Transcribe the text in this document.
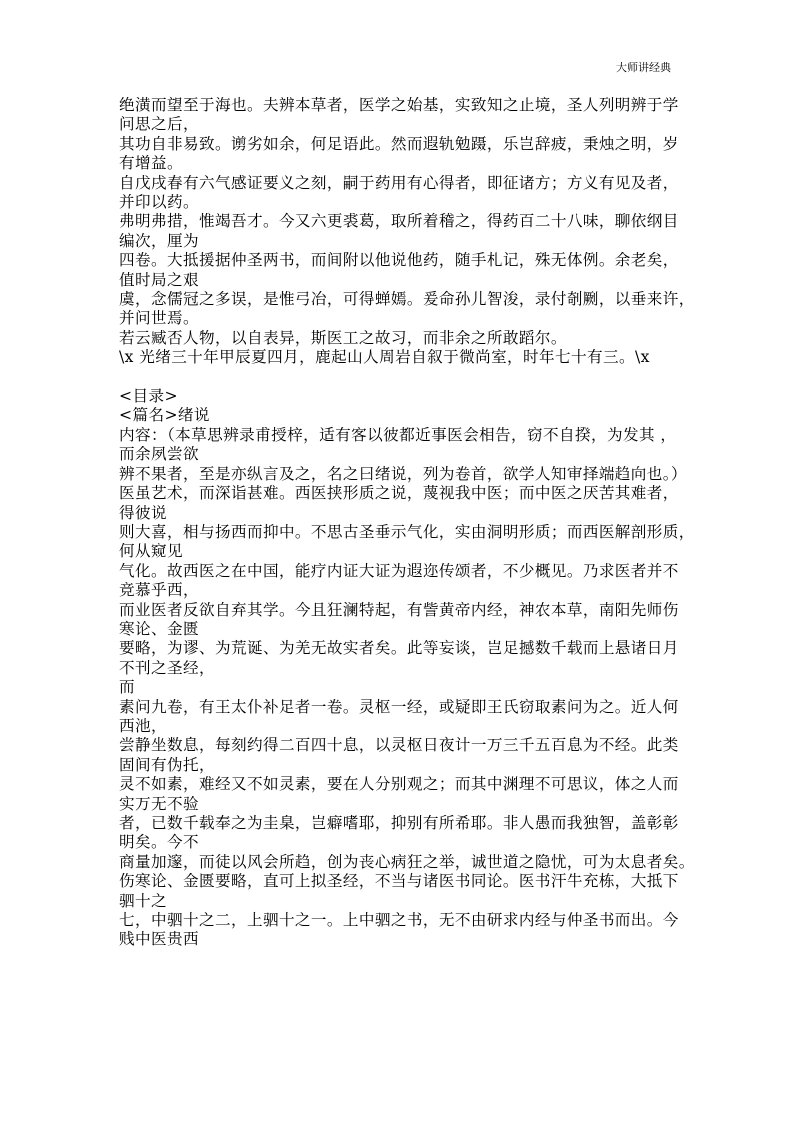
大师讲经典
绝潢而望至于海也。夫辨本草者，医学之始基，实致知之止境，圣人列明辨于学
问思之后，
其功自非易致。谫劣如余，何足语此。然而遐轨勉蹑，乐岂辞疲，秉烛之明，岁
有增益。
自戊戌春有六气感证要义之刻，嗣于药用有心得者，即征诸方；方义有见及者，
并印以药。
弗明弗措，惟竭吾才。今又六更裘葛，取所着稽之，得药百二十八味，聊依纲目
编次，厘为
四卷。大抵援据仲圣两书，而间附以他说他药，随手札记，殊无体例。余老矣，
值时局之艰
虞，念儒冠之多误，是惟弓冶，可得蝉嫣。爰命孙儿智浚，录付剞劂，以垂来许，
并问世焉。
若云臧否人物，以自表异，斯医工之故习，而非余之所敢蹈尔。
\x 光绪三十年甲辰夏四月，鹿起山人周岩自叙于微尚室，时年七十有三。\x
<目录>
<篇名>绪说
内容：（本草思辨录甫授梓，适有客以彼都近事医会相告，窃不自揆，为发其 ，
而余夙尝欲
辨不果者，至是亦纵言及之，名之曰绪说，列为卷首，欲学人知审择端趋向也。）
医虽艺术，而深诣甚难。西医挟形质之说，蔑视我中医；而中医之厌苦其难者，
得彼说
则大喜，相与扬西而抑中。不思古圣垂示气化，实由洞明形质；而西医解剖形质，
何从窥见
气化。故西医之在中国，能疗内证大证为遐迩传颂者，不少概见。乃求医者并不
竞慕乎西，
而业医者反欲自弃其学。今且狂澜特起，有訾黄帝内经，神农本草，南阳先师伤
寒论、金匮
要略，为谬、为荒诞、为羌无故实者矣。此等妄谈，岂足撼数千载而上悬诸日月
不刊之圣经，
而
素问九卷，有王太仆补足者一卷。灵枢一经，或疑即王氏窃取素问为之。近人何
西池，
尝静坐数息，每刻约得二百四十息，以灵枢日夜计一万三千五百息为不经。此类
固间有伪托，
灵不如素，难经又不如灵素，要在人分别观之；而其中渊理不可思议，体之人而
实万无不验
者，已数千载奉之为圭臬，岂癖嗜耶，抑别有所希耶。非人愚而我独智，盖彰彰
明矣。今不
商量加邃，而徒以风会所趋，创为丧心病狂之举，诚世道之隐忧，可为太息者矣。
伤寒论、金匮要略，直可上拟圣经，不当与诸医书同论。医书汗牛充栋，大抵下
驷十之
七，中驷十之二，上驷十之一。上中驷之书，无不由研求内经与仲圣书而出。今
贱中医贵西
